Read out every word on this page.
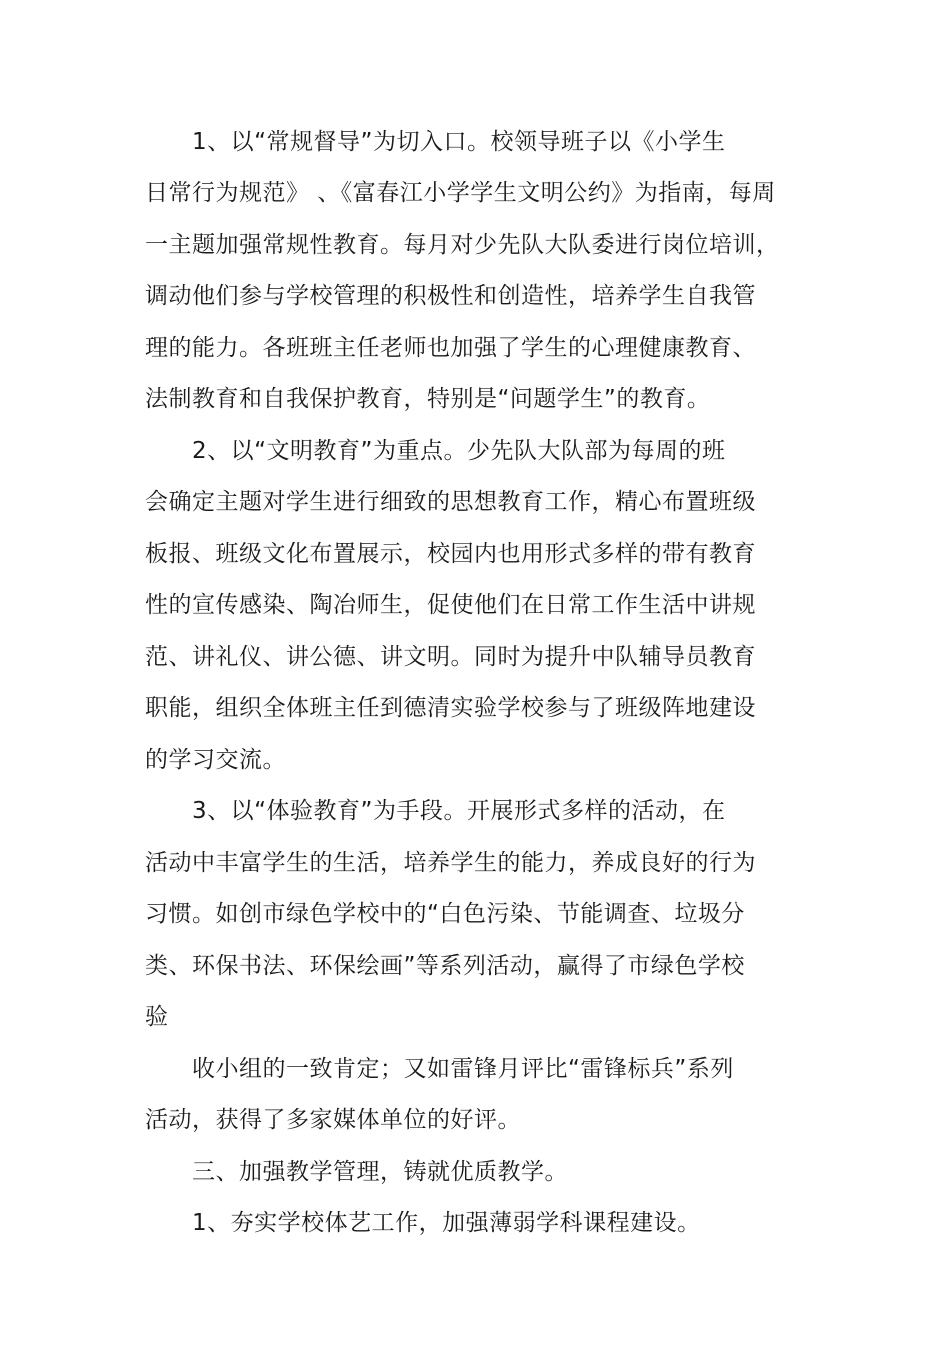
1、以“常规督导”为切入口。校领导班子以《小学生
日常行为规范》 、《富春江小学学生文明公约》为指南，每周
一主题加强常规性教育。每月对少先队大队委进行岗位培训，
调动他们参与学校管理的积极性和创造性，培养学生自我管
理的能力。各班班主任老师也加强了学生的心理健康教育、
法制教育和自我保护教育，特别是“问题学生”的教育。
2、以“文明教育”为重点。少先队大队部为每周的班
会确定主题对学生进行细致的思想教育工作，精心布置班级
板报、班级文化布置展示，校园内也用形式多样的带有教育
性的宣传感染、陶冶师生，促使他们在日常工作生活中讲规
范、讲礼仪、讲公德、讲文明。同时为提升中队辅导员教育
职能，组织全体班主任到德清实验学校参与了班级阵地建设
的学习交流。
3、以“体验教育”为手段。开展形式多样的活动，在
活动中丰富学生的生活，培养学生的能力，养成良好的行为
习惯。如创市绿色学校中的“白色污染、节能调查、垃圾分
类、环保书法、环保绘画”等系列活动，赢得了市绿色学校
验
收小组的一致肯定；又如雷锋月评比“雷锋标兵”系列
活动，获得了多家媒体单位的好评。
三、加强教学管理，铸就优质教学。
1、夯实学校体艺工作，加强薄弱学科课程建设。
